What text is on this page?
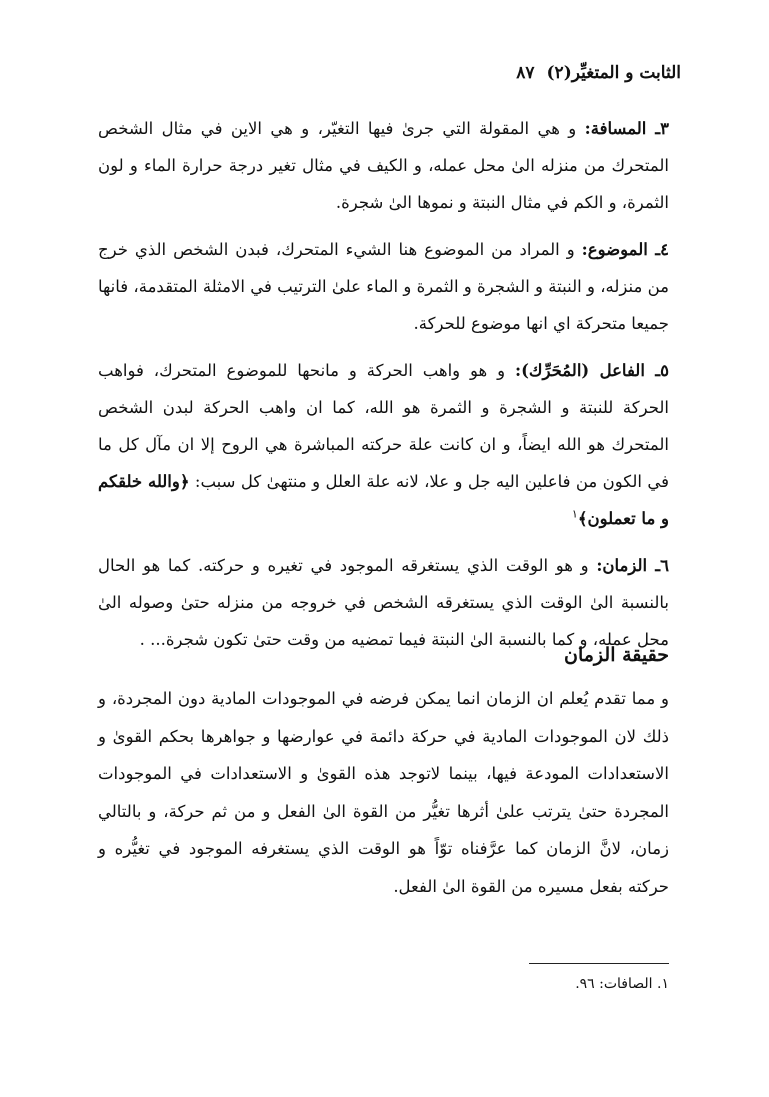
الثابت و المتغيِّر(٢)
٨٧

٣ـ المسافة: و هي المقولة التي جرىٰ فيها التغيّر، و هي الاين في مثال الشخص المتحرك من منزله الىٰ محل عمله، و الكيف في مثال تغير درجة حرارة الماء و لون الثمرة، و الكم في مثال النبتة و نموها الىٰ شجرة.

٤ـ الموضوع: و المراد من الموضوع هنا الشيء المتحرك، فبدن الشخص الذي خرج من منزله، و النبتة و الشجرة و الثمرة و الماء علىٰ الترتيب في الامثلة المتقدمة، فانها جميعا متحركة اي انها موضوع للحركة.

٥ـ الفاعل (المُحَرِّك): و هو واهب الحركة و مانحها للموضوع المتحرك، فواهب الحركة للنبتة و الشجرة و الثمرة هو الله، كما ان واهب الحركة لبدن الشخص المتحرك هو الله ايضاً، و ان كانت علة حركته المباشرة هي الروح إلا ان مآل كل ما في الكون من فاعلين اليه جل و علا، لانه علة العلل و منتهىٰ كل سبب: ﴿والله خلقكم و ما تعملون﴾$^١$

٦ـ الزمان: و هو الوقت الذي يستغرقه الموجود في تغيره و حركته. كما هو الحال بالنسبة الىٰ الوقت الذي يستغرقه الشخص في خروجه من منزله حتىٰ وصوله الىٰ محل عمله، و كما بالنسبة الىٰ النبتة فيما تمضيه من وقت حتىٰ تكون شجرة... .

حقيقة الزمان

و مما تقدم يُعلم ان الزمان انما يمكن فرضه في الموجودات المادية دون المجردة، و ذلك لان الموجودات المادية في حركة دائمة في عوارضها و جواهرها بحكم القوىٰ و الاستعدادات المودعة فيها، بينما لاتوجد هذه القوىٰ و الاستعدادات في الموجودات المجردة حتىٰ يترتب علىٰ أثرها تغيُّر من القوة الىٰ الفعل و من ثم حركة، و بالتالي زمان، لانَّ الزمان كما عرَّفناه توّاً هو الوقت الذي يستغرفه الموجود في تغيُّره و حركته بفعل مسيره من القوة الىٰ الفعل.

١. الصافات: ٩٦.
